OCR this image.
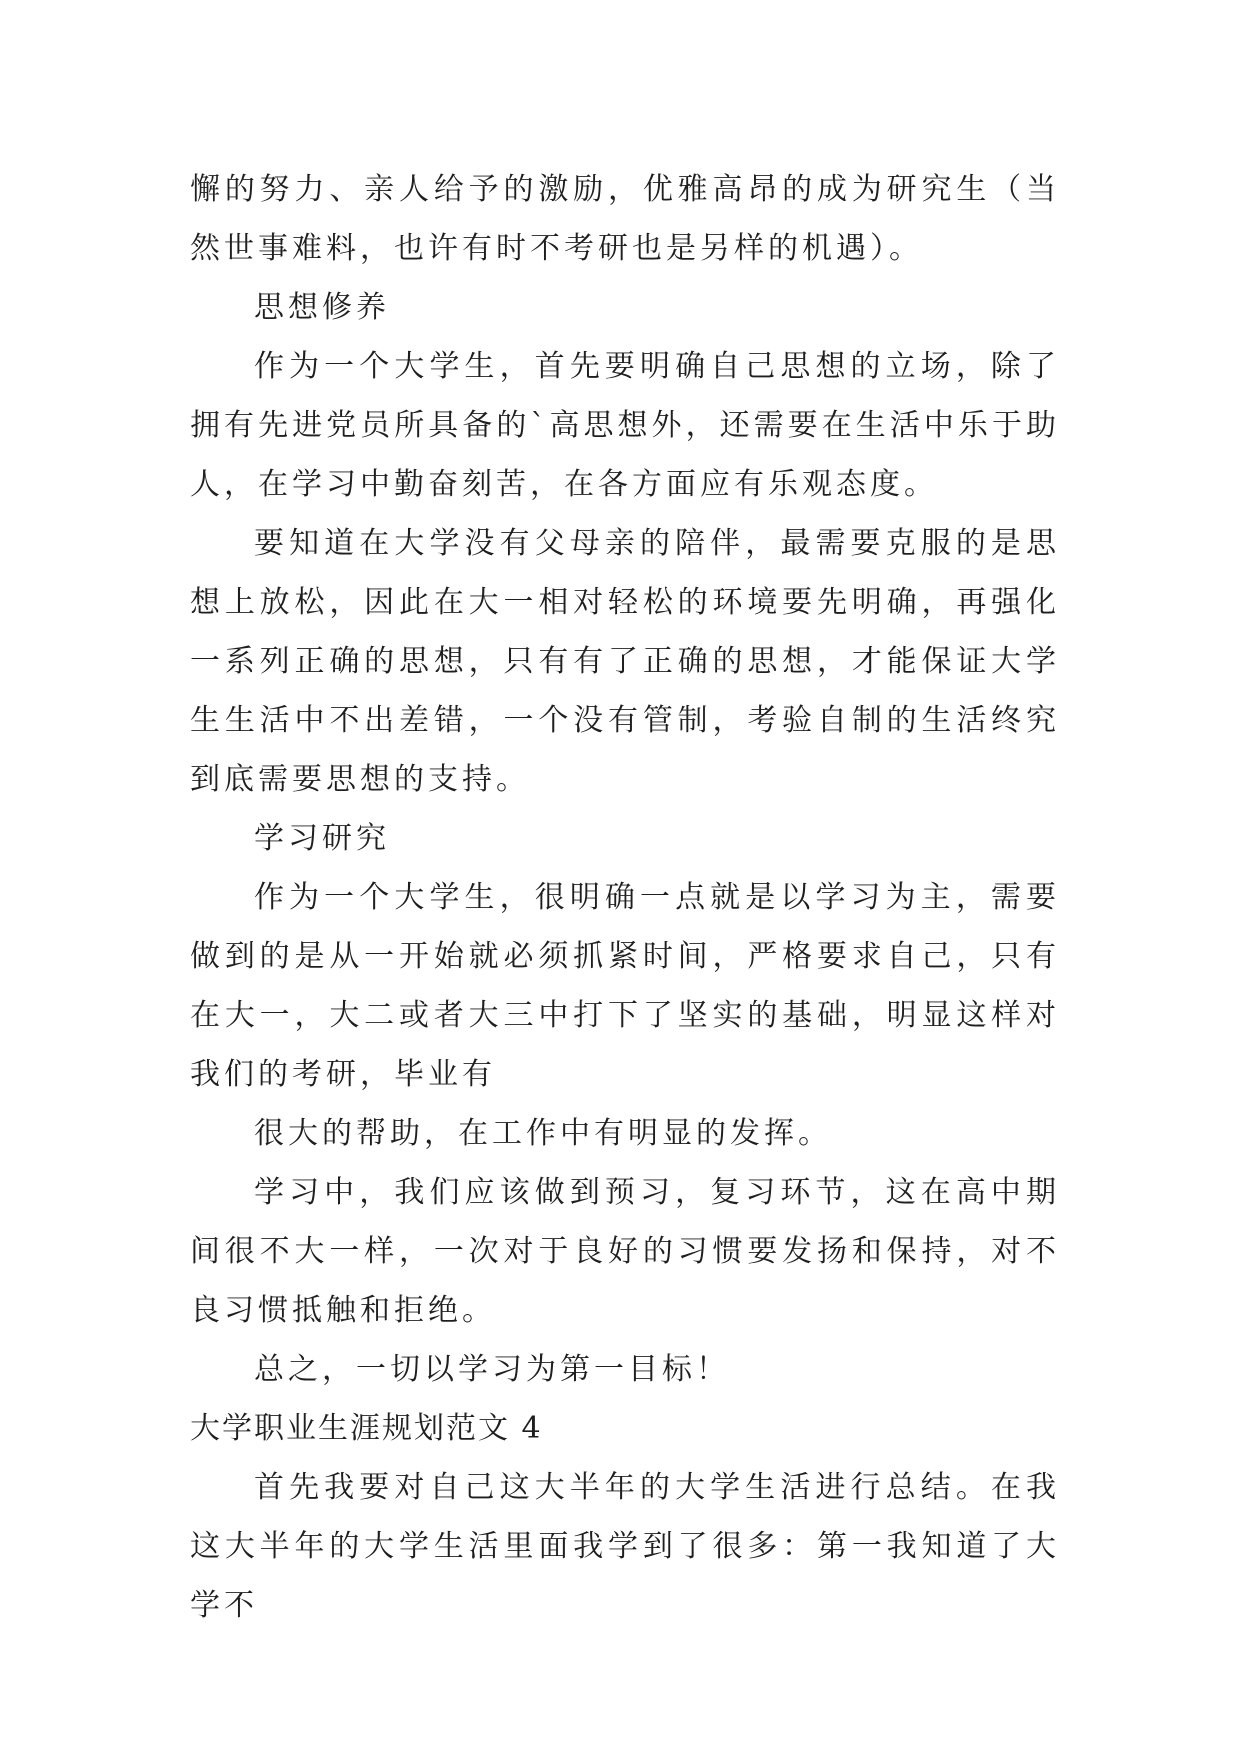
懈的努力、亲人给予的激励，优雅高昂的成为研究生（当然世事难料，也许有时不考研也是另样的机遇）。

思想修养

作为一个大学生，首先要明确自己思想的立场，除了拥有先进党员所具备的`高思想外，还需要在生活中乐于助人，在学习中勤奋刻苦，在各方面应有乐观态度。

要知道在大学没有父母亲的陪伴，最需要克服的是思想上放松，因此在大一相对轻松的环境要先明确，再强化一系列正确的思想，只有有了正确的思想，才能保证大学生生活中不出差错，一个没有管制，考验自制的生活终究到底需要思想的支持。

学习研究

作为一个大学生，很明确一点就是以学习为主，需要做到的是从一开始就必须抓紧时间，严格要求自己，只有在大一，大二或者大三中打下了坚实的基础，明显这样对我们的考研，毕业有

很大的帮助，在工作中有明显的发挥。

学习中，我们应该做到预习，复习环节，这在高中期间很不大一样，一次对于良好的习惯要发扬和保持，对不良习惯抵触和拒绝。

总之，一切以学习为第一目标！

大学职业生涯规划范文 4

首先我要对自己这大半年的大学生活进行总结。在我这大半年的大学生活里面我学到了很多：第一我知道了大学不
